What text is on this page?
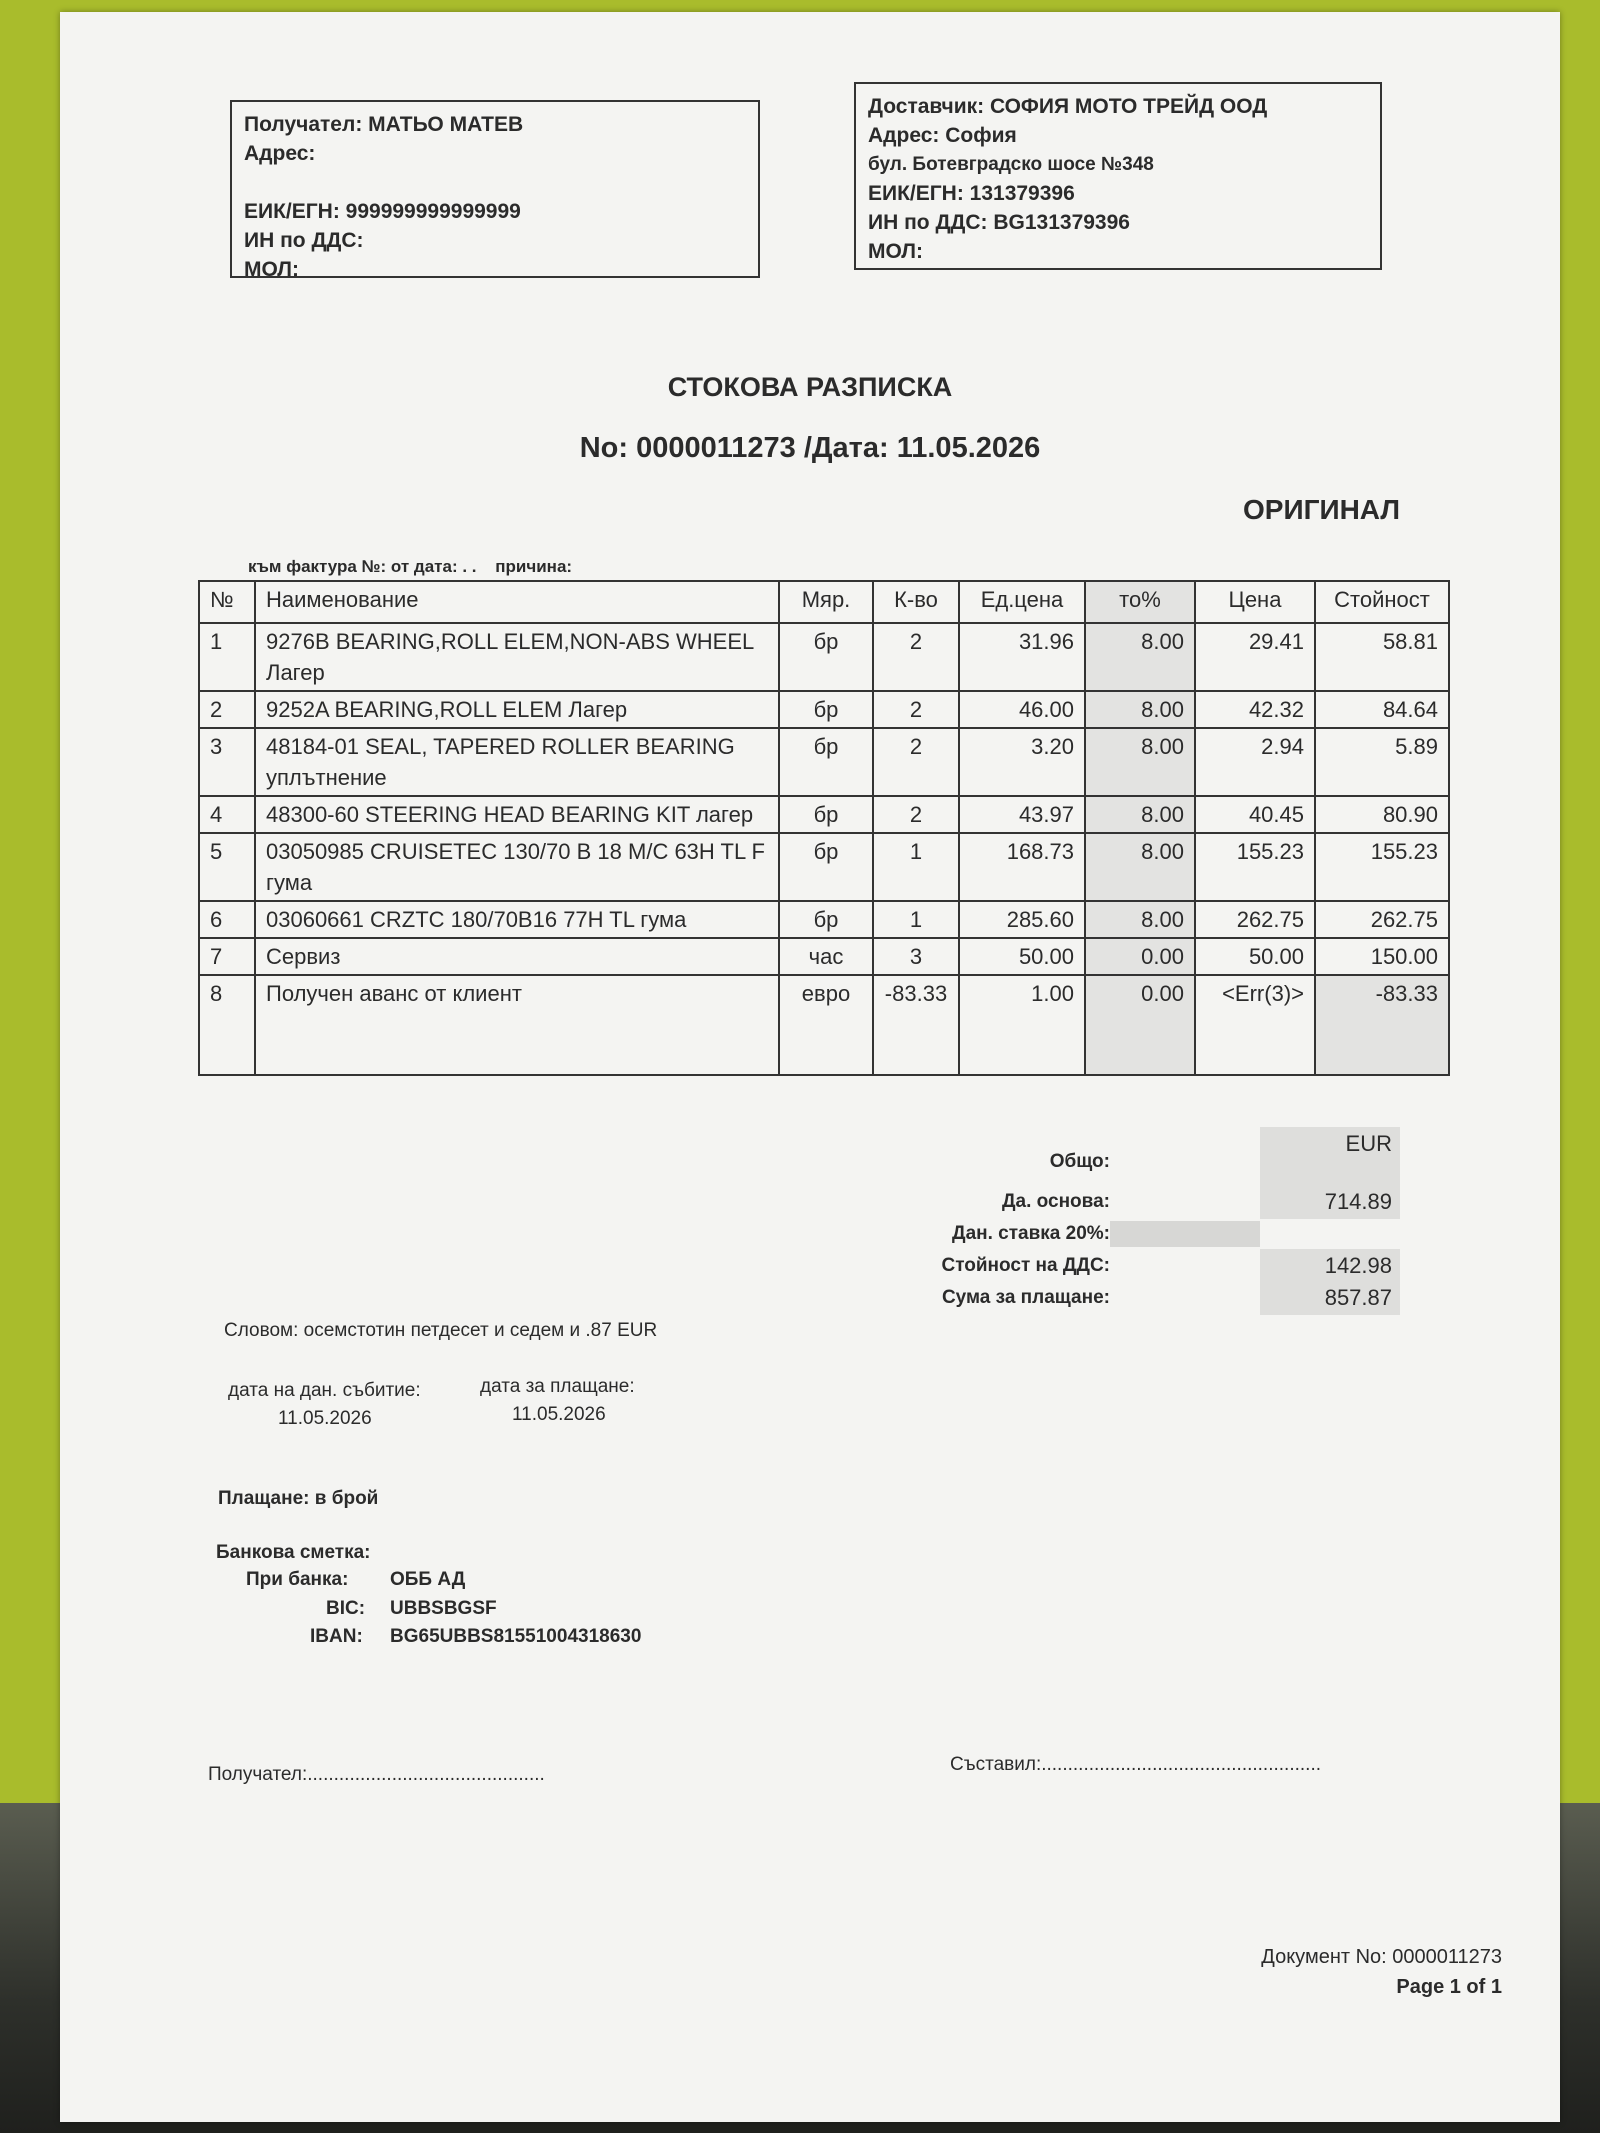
Получател: МАТЬО МАТЕВ
Адрес:

ЕИК/ЕГН: 999999999999999
ИН по ДДС:
МОЛ:
Доставчик: СОФИЯ МОТО ТРЕЙД ООД
Адрес: София
бул. Ботевградско шосе №348
ЕИК/ЕГН: 131379396
ИН по ДДС: BG131379396
МОЛ:
СТОКОВА РАЗПИСКА
No: 0000011273 /Дата: 11.05.2026
ОРИГИНАЛ
към фактура №: от дата: . . причина:
№	Наименование	Мяр.	К-во	Ед.цена	то%	Цена	Стойност
1	9276B BEARING,ROLL ELEM,NON-ABS WHEEL Лагер	бр	2	31.96	8.00	29.41	58.81
2	9252A BEARING,ROLL ELEM Лагер	бр	2	46.00	8.00	42.32	84.64
3	48184-01 SEAL, TAPERED ROLLER BEARING уплътнение	бр	2	3.20	8.00	2.94	5.89
4	48300-60 STEERING HEAD BEARING KIT лагер	бр	2	43.97	8.00	40.45	80.90
5	03050985 CRUISETEC 130/70 B 18 M/C 63H TL F гума	бр	1	168.73	8.00	155.23	155.23
6	03060661 CRZTC 180/70B16 77H TL гума	бр	1	285.60	8.00	262.75	262.75
7	Сервиз	час	3	50.00	0.00	50.00	150.00
8	Получен аванс от клиент	евро	-83.33	1.00	0.00	<Err(3)>	-83.33
Общо:
EUR
Да. основа:	714.89
Дан. ставка 20%:
Стойност на ДДС:	142.98
Сума за плащане:	857.87
Словом: осемстотин петдесет и седем и .87 EUR
дата на дан. събитие:
11.05.2026
дата за плащане:
11.05.2026
Плащане: в брой
Банкова сметка:
При банка: ОББ АД
BIC: UBBSBGSF
IBAN: BG65UBBS81551004318630
Получател:.............................................	Съставил:.....................................................
Документ No: 0000011273
Page 1 of 1
